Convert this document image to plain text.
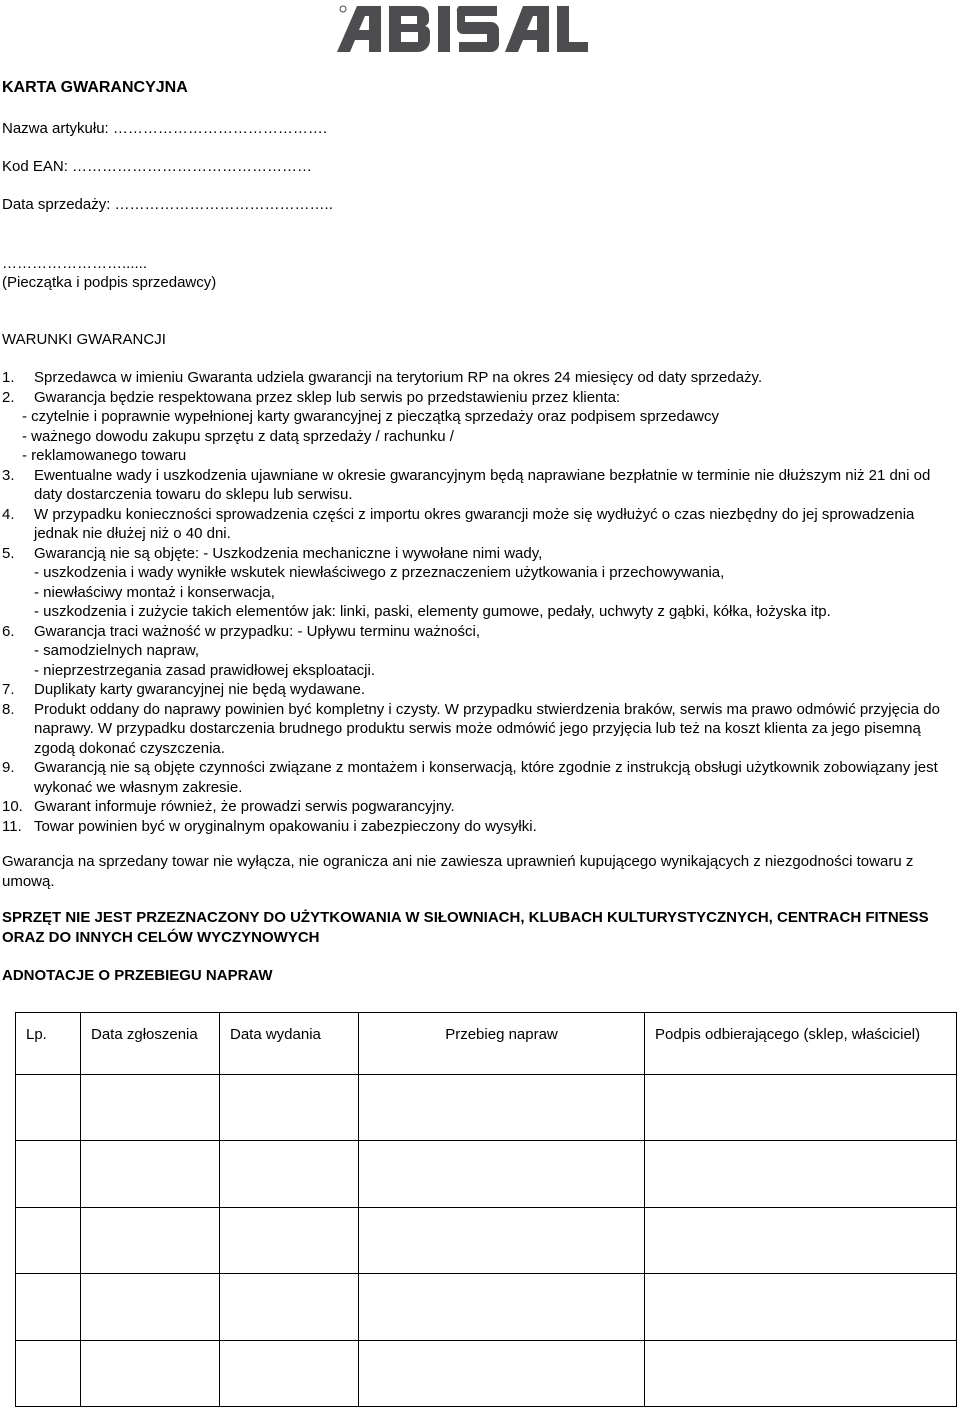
KARTA GWARANCYJNA
Nazwa artykułu: …………………………………….
Kod EAN: …………………………………………
Data sprzedaży: ……………………………………..
……………………......
(Pieczątka i podpis sprzedawcy)
WARUNKI GWARANCJI
1.	Sprzedawca w imieniu Gwaranta udziela gwarancji na terytorium RP na okres 24 miesięcy od daty sprzedaży.
2.	Gwarancja będzie respektowana przez sklep lub serwis po przedstawieniu przez klienta:
- czytelnie i poprawnie wypełnionej karty gwarancyjnej z pieczątką sprzedaży oraz podpisem sprzedawcy
- ważnego dowodu zakupu sprzętu z datą sprzedaży / rachunku /
- reklamowanego towaru
3.	Ewentualne wady i uszkodzenia ujawniane w okresie gwarancyjnym będą naprawiane bezpłatnie w terminie nie dłuższym niż 21 dni od daty dostarczenia towaru do sklepu lub serwisu.
4.	W przypadku konieczności sprowadzenia części z importu okres gwarancji może się wydłużyć o czas niezbędny do jej sprowadzenia jednak nie dłużej niż o 40 dni.
5.	Gwarancją nie są objęte: - Uszkodzenia mechaniczne i wywołane nimi wady,
- uszkodzenia i wady wynikłe wskutek niewłaściwego z przeznaczeniem użytkowania i przechowywania,
- niewłaściwy montaż i konserwacja,
- uszkodzenia i zużycie takich elementów jak: linki, paski, elementy gumowe, pedały, uchwyty z gąbki, kółka, łożyska itp.
6.	Gwarancja traci ważność w przypadku: - Upływu terminu ważności,
- samodzielnych napraw,
- nieprzestrzegania zasad prawidłowej eksploatacji.
7.	Duplikaty karty gwarancyjnej nie będą wydawane.
8.	Produkt oddany do naprawy powinien być kompletny i czysty. W przypadku stwierdzenia braków, serwis ma prawo odmówić przyjęcia do naprawy. W przypadku dostarczenia brudnego produktu serwis może odmówić jego przyjęcia lub też na koszt klienta za jego pisemną zgodą dokonać czyszczenia.
9.	Gwarancją nie są objęte czynności związane z montażem i konserwacją, które zgodnie z instrukcją obsługi użytkownik zobowiązany jest wykonać we własnym zakresie.
10. Gwarant informuje również, że prowadzi serwis pogwarancyjny.
11. Towar powinien być w oryginalnym opakowaniu i zabezpieczony do wysyłki.
Gwarancja na sprzedany towar nie wyłącza, nie ogranicza ani nie zawiesza uprawnień kupującego wynikających z niezgodności towaru z umową.
SPRZĘT NIE JEST PRZEZNACZONY DO UŻYTKOWANIA W SIŁOWNIACH, KLUBACH KULTURYSTYCZNYCH, CENTRACH FITNESS ORAZ DO INNYCH CELÓW WYCZYNOWYCH
ADNOTACJE O PRZEBIEGU NAPRAW
Lp.	Data zgłoszenia	Data wydania	Przebieg napraw	Podpis odbierającego (sklep, właściciel)
